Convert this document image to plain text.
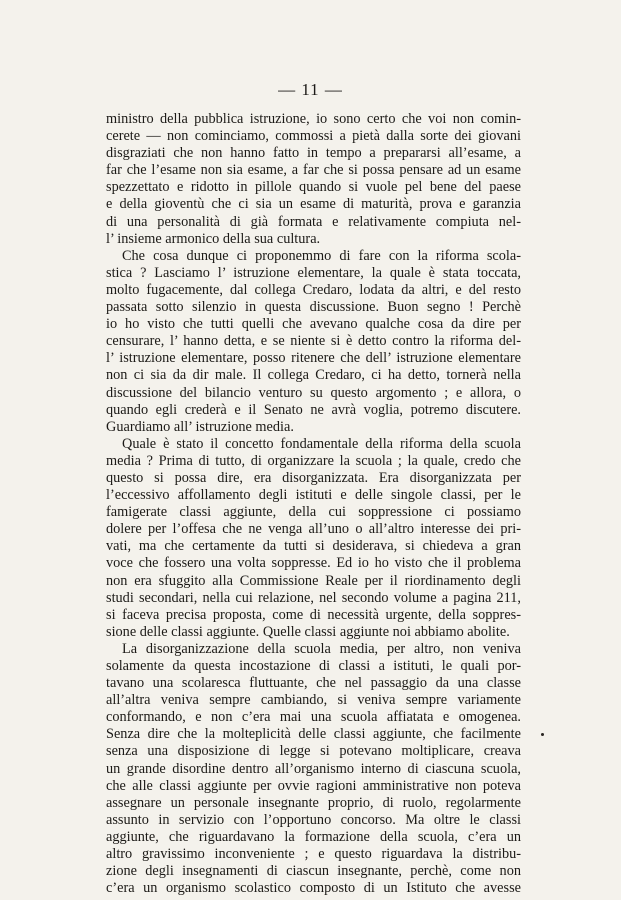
— 11 —
ministro della pubblica istruzione, io sono certo che voi non comin-
cerete — non cominciamo, commossi a pietà dalla sorte dei giovani
disgraziati che non hanno fatto in tempo a prepararsi all’esame, a
far che l’esame non sia esame, a far che si possa pensare ad un esame
spezzettato e ridotto in pillole quando si vuole pel bene del paese
e della gioventù che ci sia un esame di maturità, prova e garanzia
di una personalità di già formata e relativamente compiuta nel-
l’ insieme armonico della sua cultura.
Che cosa dunque ci proponemmo di fare con la riforma scola-
stica ? Lasciamo l’ istruzione elementare, la quale è stata toccata,
molto fugacemente, dal collega Credaro, lodata da altri, e del resto
passata sotto silenzio in questa discussione. Buon segno ! Perchè
io ho visto che tutti quelli che avevano qualche cosa da dire per
censurare, l’ hanno detta, e se niente si è detto contro la riforma del-
l’ istruzione elementare, posso ritenere che dell’ istruzione elementare
non ci sia da dir male. Il collega Credaro, ci ha detto, tornerà nella
discussione del bilancio venturo su questo argomento ; e allora, o
quando egli crederà e il Senato ne avrà voglia, potremo discutere.
Guardiamo all’ istruzione media.
Quale è stato il concetto fondamentale della riforma della scuola
media ? Prima di tutto, di organizzare la scuola ; la quale, credo che
questo si possa dire, era disorganizzata. Era disorganizzata per
l’eccessivo affollamento degli istituti e delle singole classi, per le
famigerate classi aggiunte, della cui soppressione ci possiamo
dolere per l’offesa che ne venga all’uno o all’altro interesse dei pri-
vati, ma che certamente da tutti si desiderava, si chiedeva a gran
voce che fossero una volta soppresse. Ed io ho visto che il problema
non era sfuggito alla Commissione Reale per il riordinamento degli
studi secondari, nella cui relazione, nel secondo volume a pagina 211,
si faceva precisa proposta, come di necessità urgente, della soppres-
sione delle classi aggiunte. Quelle classi aggiunte noi abbiamo abolite.
La disorganizzazione della scuola media, per altro, non veniva
solamente da questa incostazione di classi a istituti, le quali por-
tavano una scolaresca fluttuante, che nel passaggio da una classe
all’altra veniva sempre cambiando, si veniva sempre variamente
conformando, e non c’era mai una scuola affiatata e omogenea.
Senza dire che la molteplicità delle classi aggiunte, che facilmente
senza una disposizione di legge si potevano moltiplicare, creava
un grande disordine dentro all’organismo interno di ciascuna scuola,
che alle classi aggiunte per ovvie ragioni amministrative non poteva
assegnare un personale insegnante proprio, di ruolo, regolarmente
assunto in servizio con l’opportuno concorso. Ma oltre le classi
aggiunte, che riguardavano la formazione della scuola, c’era un
altro gravissimo inconveniente ; e questo riguardava la distribu-
zione degli insegnamenti di ciascun insegnante, perchè, come non
c’era un organismo scolastico composto di un Istituto che avesse
